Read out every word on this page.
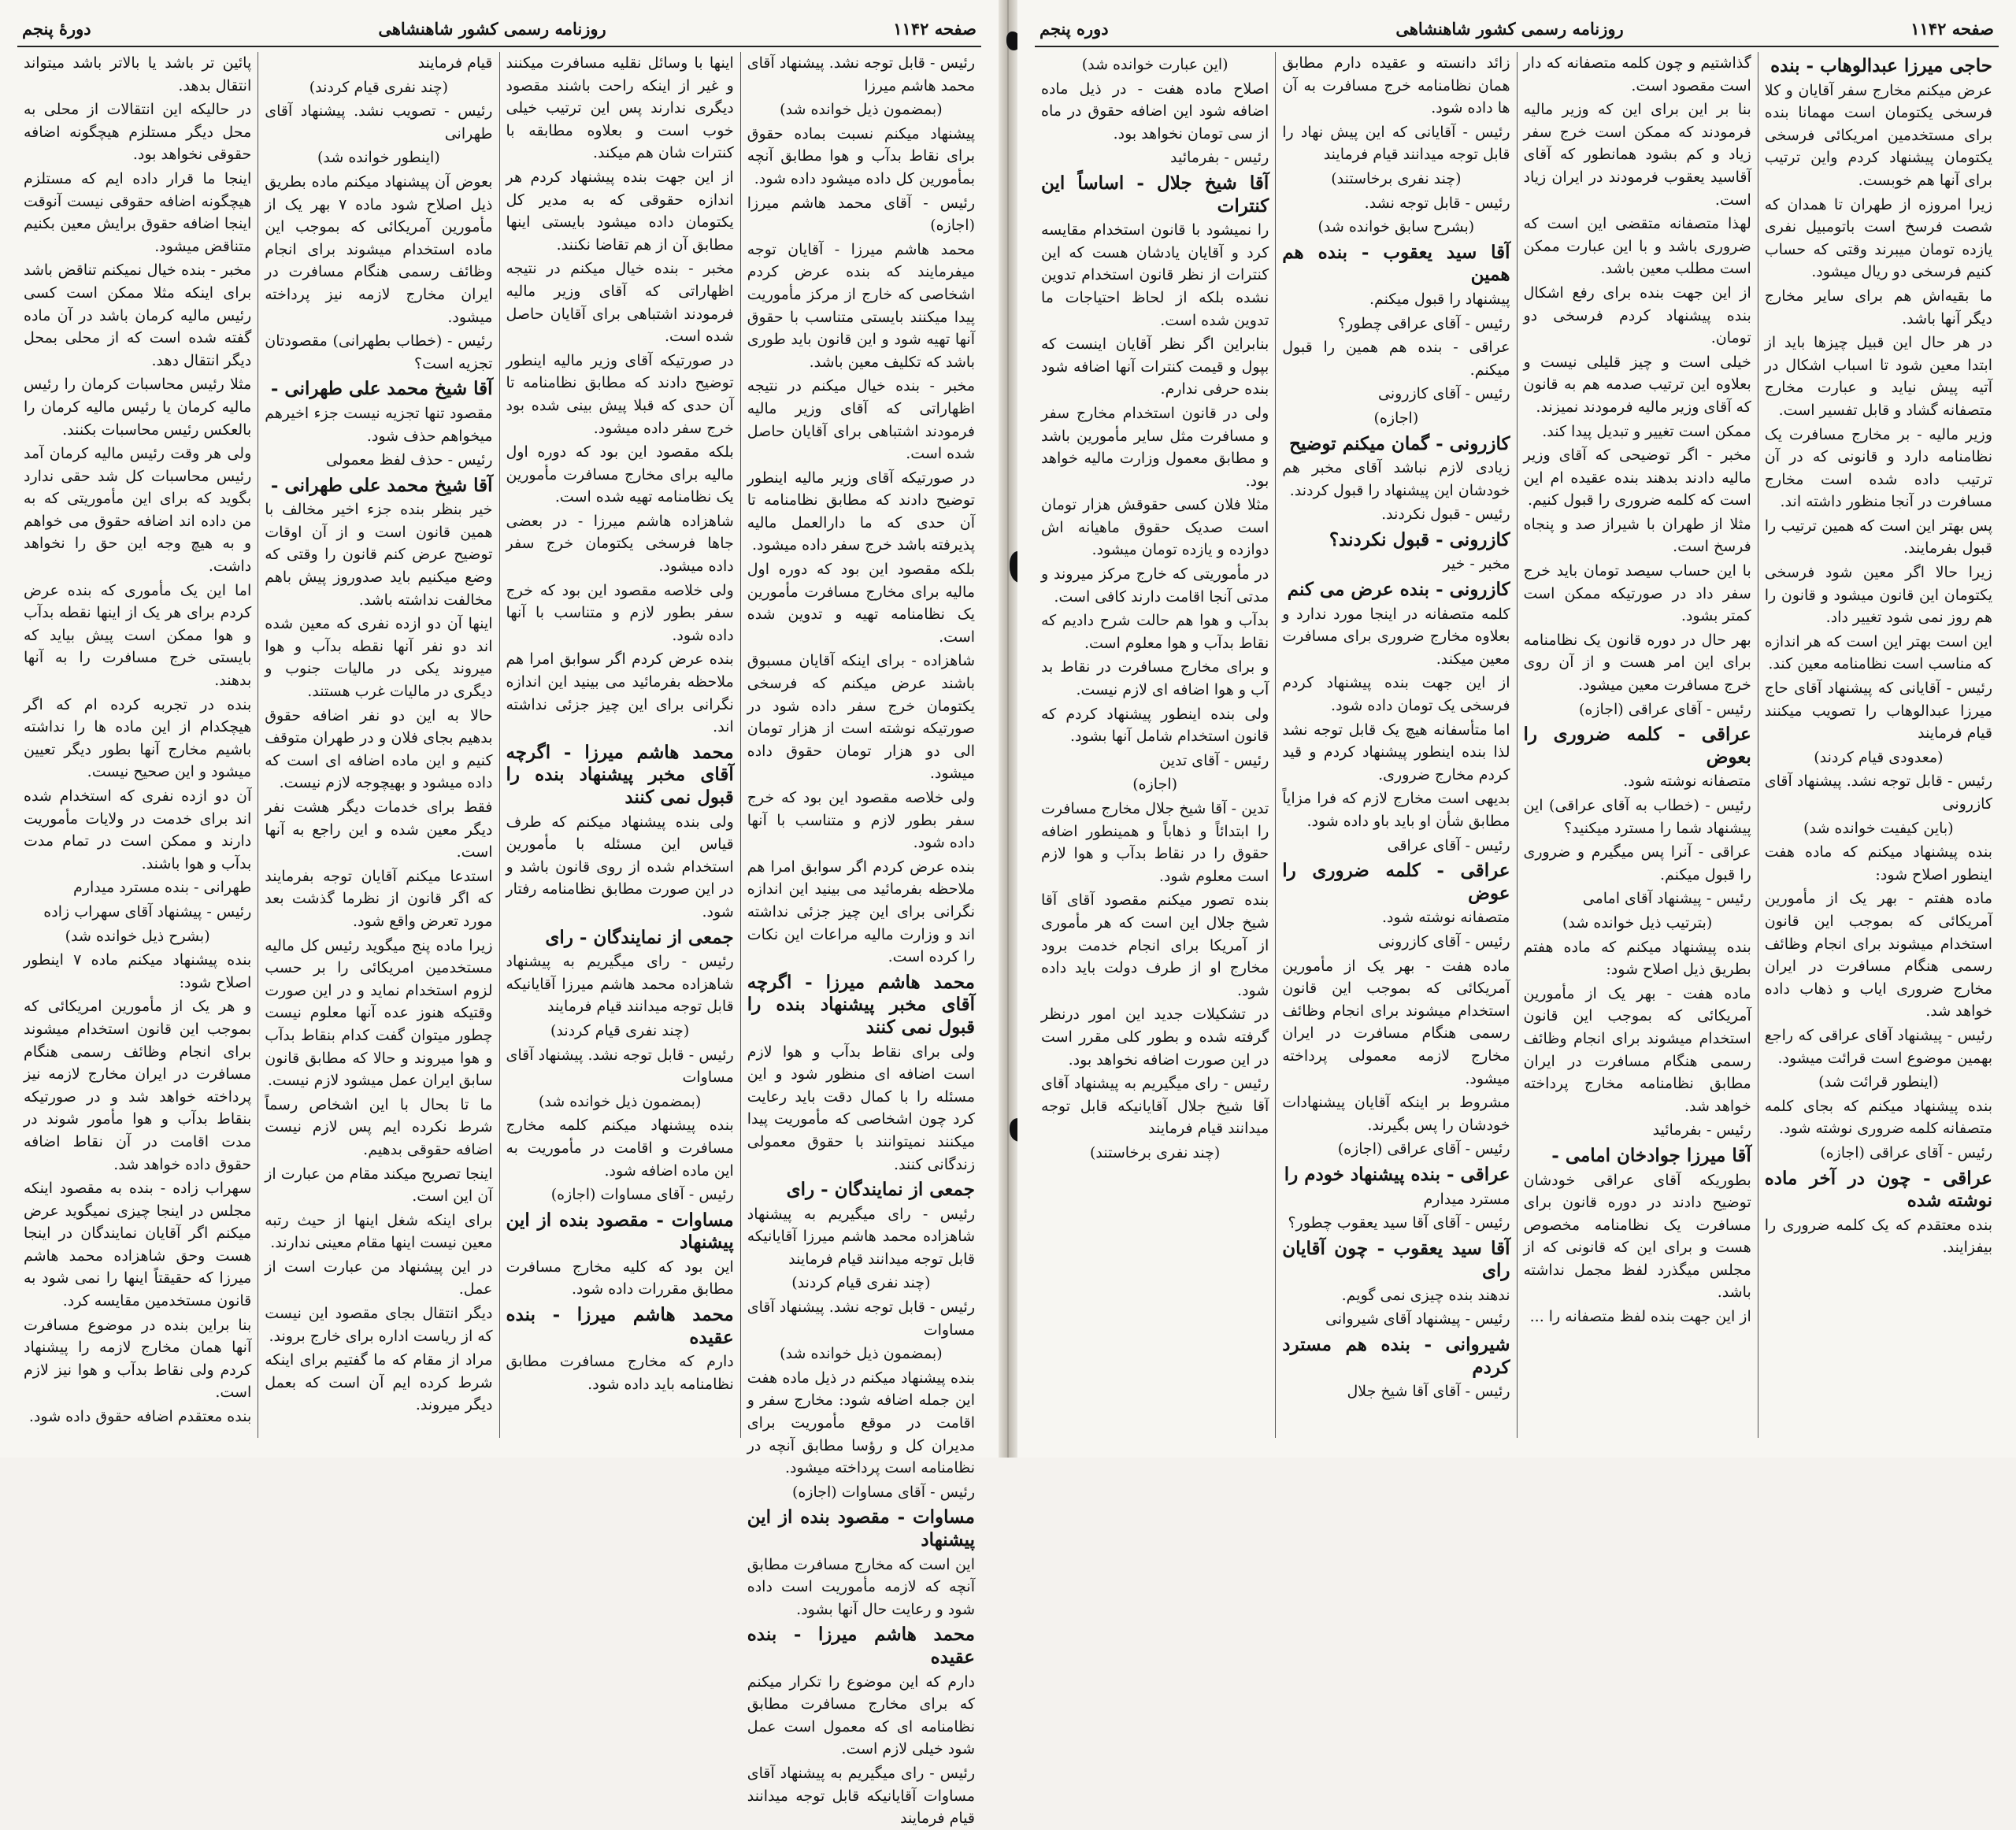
صفحه ۱۱۴۲
روزنامه رسمی کشور شاهنشاهی
دورهٔ پنجم

رئیس - قابل توجه نشد. پیشنهاد آقای محمد هاشم میرزا

(بمضمون ذیل خوانده شد)

پیشنهاد میکنم نسبت بماده حقوق برای نقاط بدآب و هوا مطابق آنچه بمأمورین کل داده میشود داده شود.

رئیس - آقای محمد هاشم میرزا (اجازه)

محمد هاشم میرزا - آقایان توجه میفرمایند که بنده عرض کردم اشخاصی که خارج از مرکز مأموریت پیدا میکنند بایستی متناسب با حقوق آنها تهیه شود و این قانون باید طوری باشد که تکلیف معین باشد.

مخبر - بنده خیال میکنم در نتیجه اظهاراتی که آقای وزیر مالیه فرمودند اشتباهی برای آقایان حاصل شده است.

در صورتیکه آقای وزیر مالیه اینطور توضیح دادند که مطابق نظامنامه تا آن حدی که ما دارالعمل مالیه پذیرفته باشد خرج سفر داده میشود.

بلکه مقصود این بود که دوره اول مالیه برای مخارج مسافرت مأمورین یک نظامنامه تهیه و تدوین شده است.

شاهزاده - برای اینکه آقایان مسبوق باشند عرض میکنم که فرسخی یکتومان خرج سفر داده شود در صورتیکه نوشته است از هزار تومان الی دو هزار تومان حقوق داده میشود.

ولی خلاصه مقصود این بود که خرج سفر بطور لازم و متناسب با آنها داده شود.

بنده عرض کردم اگر سوابق امرا هم ملاحظه بفرمائید می بینید این اندازه نگرانی برای این چیز جزئی نداشته اند و وزارت مالیه مراعات این نکات را کرده است.

محمد هاشم میرزا - اگرچه آقای مخبر پیشنهاد بنده را قبول نمی کنند

ولی برای نقاط بدآب و هوا لازم است اضافه ای منظور شود و این مسئله را با کمال دقت باید رعایت کرد چون اشخاصی که مأموریت پیدا میکنند نمیتوانند با حقوق معمولی زندگانی کنند.

جمعی از نمایندگان - رای

رئیس - رای میگیریم به پیشنهاد شاهزاده محمد هاشم میرزا آقایانیکه قابل توجه میدانند قیام فرمایند

(چند نفری قیام کردند)

رئیس - قابل توجه نشد. پیشنهاد آقای مساوات

(بمضمون ذیل خوانده شد)

بنده پیشنهاد میکنم در ذیل ماده هفت این جمله اضافه شود: مخارج سفر و اقامت در موقع مأموریت برای مدیران کل و رؤسا مطابق آنچه در نظامنامه است پرداخته میشود.

رئیس - آقای مساوات (اجازه)

مساوات - مقصود بنده از این پیشنهاد

این است که مخارج مسافرت مطابق آنچه که لازمه مأموریت است داده شود و رعایت حال آنها بشود.

محمد هاشم میرزا - بنده عقیده

دارم که این موضوع را تکرار میکنم که برای مخارج مسافرت مطابق نظامنامه ای که معمول است عمل شود خیلی لازم است.

رئیس - رای میگیریم به پیشنهاد آقای مساوات آقایانیکه قابل توجه میدانند قیام فرمایند

اینها با وسائل نقلیه مسافرت میکنند و غیر از اینکه راحت باشند مقصود دیگری ندارند پس این ترتیب خیلی خوب است و بعلاوه مطابقه با کنترات شان هم میکند.

از این جهت بنده پیشنهاد کردم هر اندازه حقوقی که به مدیر کل یکتومان داده میشود بایستی اینها مطابق آن از هم تقاضا نکنند.

مخبر - بنده خیال میکنم در نتیجه اظهاراتی که آقای وزیر مالیه فرمودند اشتباهی برای آقایان حاصل شده است.

در صورتیکه آقای وزیر مالیه اینطور توضیح دادند که مطابق نظامنامه تا آن حدی که قبلا پیش بینی شده بود خرج سفر داده میشود.

بلکه مقصود این بود که دوره اول مالیه برای مخارج مسافرت مأمورین یک نظامنامه تهیه شده است.

شاهزاده هاشم میرزا - در بعضی جاها فرسخی یکتومان خرج سفر داده میشود.

ولی خلاصه مقصود این بود که خرج سفر بطور لازم و متناسب با آنها داده شود.

بنده عرض کردم اگر سوابق امرا هم ملاحظه بفرمائید می بینید این اندازه نگرانی برای این چیز جزئی نداشته اند.

محمد هاشم میرزا - اگرچه آقای مخبر پیشنهاد بنده را قبول نمی کنند

ولی بنده پیشنهاد میکنم که طرف قیاس این مسئله با مأمورین استخدام شده از روی قانون باشد و در این صورت مطابق نظامنامه رفتار شود.

جمعی از نمایندگان - رای

رئیس - رای میگیریم به پیشنهاد شاهزاده محمد هاشم میرزا آقایانیکه قابل توجه میدانند قیام فرمایند

(چند نفری قیام کردند)

رئیس - قابل توجه نشد. پیشنهاد آقای مساوات

(بمضمون ذیل خوانده شد)

بنده پیشنهاد میکنم کلمه مخارج مسافرت و اقامت در مأموریت به این ماده اضافه شود.

رئیس - آقای مساوات (اجازه)

مساوات - مقصود بنده از این پیشنهاد

این بود که کلیه مخارج مسافرت مطابق مقررات داده شود.

محمد هاشم میرزا - بنده عقیده

دارم که مخارج مسافرت مطابق نظامنامه باید داده شود.

قیام فرمایند

(چند نفری قیام کردند)

رئیس - تصویب نشد. پیشنهاد آقای طهرانی

(اینطور خوانده شد)

بعوض آن پیشنهاد میکنم ماده بطریق ذیل اصلاح شود ماده ۷ بهر یک از مأمورین آمریکائی که بموجب این ماده استخدام میشوند برای انجام وظائف رسمی هنگام مسافرت در ایران مخارج لازمه نیز پرداخته میشود.

رئیس - (خطاب بطهرانی) مقصودتان تجزیه است؟

آقا شیخ محمد علی طهرانی -

مقصود تنها تجزیه نیست جزء اخیرهم میخواهم حذف شود.

رئیس - حذف لفظ معمولی

آقا شیخ محمد علی طهرانی -

خیر بنظر بنده جزء اخیر مخالف با همین قانون است و از آن اوقات توضیح عرض کنم قانون را وقتی که وضع میکنیم باید صدوروز پیش باهم مخالفت نداشته باشد.

اینها آن دو ازده نفری که معین شده اند دو نفر آنها نقطه بدآب و هوا میروند یکی در مالیات جنوب و دیگری در مالیات غرب هستند.

حالا به این دو نفر اضافه حقوق بدهیم بجای فلان و در طهران متوقف کنیم و این ماده اضافه ای است که داده میشود و بهیچوجه لازم نیست.

فقط برای خدمات دیگر هشت نفر دیگر معین شده و این راجع به آنها است.

استدعا میکنم آقایان توجه بفرمایند که اگر قانون از نظرما گذشت بعد مورد تعرض واقع شود.

زیرا ماده پنج میگوید رئیس کل مالیه مستخدمین امریکائی را بر حسب لزوم استخدام نماید و در این صورت وقتیکه هنوز عده آنها معلوم نیست چطور میتوان گفت کدام بنقاط بدآب و هوا میروند و حالا که مطابق قانون سابق ایران عمل میشود لازم نیست.

ما تا بحال با این اشخاص رسماً شرط نکرده ایم پس لازم نیست اضافه حقوقی بدهیم.

اینجا تصریح میکند مقام من عبارت از آن این است.

برای اینکه شغل اینها از حیث رتبه معین نیست اینها مقام معینی ندارند.

در این پیشنهاد من عبارت است از عمل.

دیگر انتقال بجای مقصود این نیست که از ریاست اداره برای خارج بروند.

مراد از مقام که ما گفتیم برای اینکه شرط کرده ایم آن است که بعمل دیگر میروند.

پائین تر باشد یا بالاتر باشد میتواند انتقال بدهد.

در حالیکه این انتقالات از محلی به محل دیگر مستلزم هیچگونه اضافه حقوقی نخواهد بود.

اینجا ما قرار داده ایم که مستلزم هیچگونه اضافه حقوقی نیست آنوقت اینجا اضافه حقوق برایش معین بکنیم متناقض میشود.

مخبر - بنده خیال نمیکنم تناقض باشد برای اینکه مثلا ممکن است کسی رئیس مالیه کرمان باشد در آن ماده گفته شده است که از محلی بمحل دیگر انتقال دهد.

مثلا رئیس محاسبات کرمان را رئیس مالیه کرمان یا رئیس مالیه کرمان را بالعکس رئیس محاسبات بکنند.

ولی هر وقت رئیس مالیه کرمان آمد رئیس محاسبات کل شد حقی ندارد بگوید که برای این مأموریتی که به من داده اند اضافه حقوق می خواهم و به هیچ وجه این حق را نخواهد داشت.

اما این یک مأموری که بنده عرض کردم برای هر یک از اینها نقطه بدآب و هوا ممکن است پیش بیاید که بایستی خرج مسافرت را به آنها بدهند.

بنده در تجربه کرده ام که اگر هیچکدام از این ماده ها را نداشته باشیم مخارج آنها بطور دیگر تعیین میشود و این صحیح نیست.

آن دو ازده نفری که استخدام شده اند برای خدمت در ولایات مأموریت دارند و ممکن است در تمام مدت بدآب و هوا باشند.

طهرانی - بنده مسترد میدارم

رئیس - پیشنهاد آقای سهراب زاده

(بشرح ذیل خوانده شد)

بنده پیشنهاد میکنم ماده ۷ اینطور اصلاح شود:

و هر یک از مأمورین امریکائی که بموجب این قانون استخدام میشوند برای انجام وظائف رسمی هنگام مسافرت در ایران مخارج لازمه نیز پرداخته خواهد شد و در صورتیکه بنقاط بدآب و هوا مأمور شوند در مدت اقامت در آن نقاط اضافه حقوق داده خواهد شد.

سهراب زاده - بنده به مقصود اینکه مجلس در اینجا چیزی نمیگوید عرض میکنم اگر آقایان نمایندگان در اینجا هست وحق شاهزاده محمد هاشم میرزا که حقیقتاً اینها را نمی شود به قانون مستخدمین مقایسه کرد.

بنا براین بنده در موضوع مسافرت آنها همان مخارج لازمه را پیشنهاد کردم ولی نقاط بدآب و هوا نیز لازم است.

بنده معتقدم اضافه حقوق داده شود.

صفحه ۱۱۴۲
روزنامه رسمی کشور شاهنشاهی
دوره پنجم
حاجی میرزا عبدالوهاب - بنده

عرض میکنم مخارج سفر آقایان و کلا فرسخی یکتومان است مهمانا بنده برای مستخدمین امریکائی فرسخی یکتومان پیشنهاد کردم واین ترتیب برای آنها هم خوبست.

زیرا امروزه از طهران تا همدان که شصت فرسخ است باتومبیل نفری یازده تومان میبرند وقتی که حساب کنیم فرسخی دو ریال میشود.

ما بقیه‌اش هم برای سایر مخارج دیگر آنها باشد.

در هر حال این قبیل چیزها باید از ابتدا معین شود تا اسباب اشکال در آتیه پیش نیاید و عبارت مخارج متصفانه گشاد و قابل تفسیر است.

وزیر مالیه - بر مخارج مسافرت یک نظامنامه دارد و قانونی که در آن ترتیب داده شده است مخارج مسافرت در آنجا منظور داشته اند.

پس بهتر این است که همین ترتیب را قبول بفرمایند.

زیرا حالا اگر معین شود فرسخی یکتومان این قانون میشود و قانون را هم روز نمی شود تغییر داد.

این است بهتر این است که هر اندازه که مناسب است نظامنامه معین کند.

رئیس - آقایانی که پیشنهاد آقای حاج میرزا عبدالوهاب را تصویب میکنند قیام فرمایند

(معدودی قیام کردند)

رئیس - قابل توجه نشد. پیشنهاد آقای کازرونی

(باین کیفیت خوانده شد)

بنده پیشنهاد میکنم که ماده هفت اینطور اصلاح شود:

ماده هفتم - بهر یک از مأمورین آمریکائی که بموجب این قانون استخدام میشوند برای انجام وظائف رسمی هنگام مسافرت در ایران مخارج ضروری ایاب و ذهاب داده خواهد شد.

رئیس - پیشنهاد آقای عراقی که راجع بهمین موضوع است قرائت میشود.

(اینطور قرائت شد)

بنده پیشنهاد میکنم که بجای کلمه متصفانه کلمه ضروری نوشته شود.

رئیس - آقای عراقی (اجازه)

عراقی - چون در آخر ماده نوشته شده

بنده معتقدم که یک کلمه ضروری را بیفزایند.

گذاشتیم و چون کلمه متصفانه که دار است مقصود است.

بنا بر این برای این که وزیر مالیه فرمودند که ممکن است خرج سفر زیاد و کم بشود همانطور که آقای آقاسید یعقوب فرمودند در ایران زیاد است.

لهذا متصفانه متقضی این است که ضروری باشد و با این عبارت ممکن است مطلب معین باشد.

از این جهت بنده برای رفع اشکال بنده پیشنهاد کردم فرسخی دو تومان.

خیلی است و چیز قلیلی نیست و بعلاوه این ترتیب صدمه هم به قانون که آقای وزیر مالیه فرمودند نمیزند.

ممکن است تغییر و تبدیل پیدا کند.

مخبر - اگر توضیحی که آقای وزیر مالیه دادند بدهند بنده عقیده ام این است که کلمه ضروری را قبول کنیم.

مثلا از طهران با شیراز صد و پنجاه فرسخ است.

با این حساب سیصد تومان باید خرج سفر داد در صورتیکه ممکن است کمتر بشود.

بهر حال در دوره قانون یک نظامنامه برای این امر هست و از آن روی خرج مسافرت معین میشود.

رئیس - آقای عراقی (اجازه)

عراقی - کلمه ضروری را بعوض

متصفانه نوشته شود.

رئیس - (خطاب به آقای عراقی) این پیشنهاد شما را مسترد میکنید؟

عراقی - آنرا پس میگیرم و ضروری را قبول میکنم.

رئیس - پیشنهاد آقای امامی

(بترتیب ذیل خوانده شد)

بنده پیشنهاد میکنم که ماده هفتم بطریق ذیل اصلاح شود:

ماده هفت - بهر یک از مأمورین آمریکائی که بموجب این قانون استخدام میشوند برای انجام وظائف رسمی هنگام مسافرت در ایران مطابق نظامنامه مخارج پرداخته خواهد شد.

رئیس - بفرمائید

آقا میرزا جوادخان امامی -

بطوریکه آقای عراقی خودشان توضیح دادند در دوره قانون برای مسافرت یک نظامنامه مخصوص هست و برای این که قانونی که از مجلس میگذرد لفظ مجمل نداشته باشد.

از این جهت بنده لفظ متصفانه را ...

زائد دانسته و عقیده دارم مطابق همان نظامنامه خرج مسافرت به آن ها داده شود.

رئیس - آقایانی که این پیش نهاد را قابل توجه میدانند قیام فرمایند

(چند نفری برخاستند)

رئیس - قابل توجه نشد.

(بشرح سابق خوانده شد)
آقا سید یعقوب - بنده هم همین

پیشنهاد را قبول میکنم.

رئیس - آقای عراقی چطور؟

عراقی - بنده هم همین را قبول میکنم.

رئیس - آقای کازرونی

(اجازه)
کازرونی - گمان میکنم توضیح

زیادی لازم نباشد آقای مخبر هم خودشان این پیشنهاد را قبول کردند.

رئیس - قبول نکردند.

کازرونی - قبول نکردند؟

مخبر - خیر

کازرونی - بنده عرض می کنم

کلمه متصفانه در اینجا مورد ندارد و بعلاوه مخارج ضروری برای مسافرت معین میکند.

از این جهت بنده پیشنهاد کردم فرسخی یک تومان داده شود.

اما متأسفانه هیچ یک قابل توجه نشد لذا بنده اینطور پیشنهاد کردم و قید کردم مخارج ضروری.

بدیهی است مخارج لازم که فرا مزایاً مطابق شأن او باید باو داده شود.

رئیس - آقای عراقی

عراقی - کلمه ضروری را عوض

متصفانه نوشته شود.

رئیس - آقای کازرونی

ماده هفت - بهر یک از مأمورین آمریکائی که بموجب این قانون استخدام میشوند برای انجام وظائف رسمی هنگام مسافرت در ایران مخارج لازمه معمولی پرداخته میشود.

مشروط بر اینکه آقایان پیشنهادات خودشان را پس بگیرند.

رئیس - آقای عراقی (اجازه)

عراقی - بنده پیشنهاد خودم را

مسترد میدارم

رئیس - آقای آقا سید یعقوب چطور؟

آقا سید یعقوب - چون آقایان رای

ندهند بنده چیزی نمی گویم.

رئیس - پیشنهاد آقای شیروانی

شیروانی - بنده هم مسترد کردم

رئیس - آقای آقا شیخ جلال

(این عبارت خوانده شد)

اصلاح ماده هفت - در ذیل ماده اضافه شود این اضافه حقوق در ماه از سی تومان نخواهد بود.

رئیس - بفرمائید

آقا شیخ جلال - اساساً این کنترات

را نمیشود با قانون استخدام مقایسه کرد و آقایان یادشان هست که این کنترات از نظر قانون استخدام تدوین نشده بلکه از لحاظ احتیاجات ما تدوین شده است.

بنابراین اگر نظر آقایان اینست که بپول و قیمت کنترات آنها اضافه شود بنده حرفی ندارم.

ولی در قانون استخدام مخارج سفر و مسافرت مثل سایر مأمورین باشد و مطابق معمول وزارت مالیه خواهد بود.

مثلا فلان کسی حقوقش هزار تومان است صدیک حقوق ماهیانه اش دوازده و یازده تومان میشود.

در مأموریتی که خارج مرکز میروند و مدتی آنجا اقامت دارند کافی است.

بدآب و هوا هم حالت شرح دادیم که نقاط بدآب و هوا معلوم است.

و برای مخارج مسافرت در نقاط بد آب و هوا اضافه ای لازم نیست.

ولی بنده اینطور پیشنهاد کردم که قانون استخدام شامل آنها بشود.

رئیس - آقای تدین

(اجازه)

تدین - آقا شیخ جلال مخارج مسافرت را ابتدائاً و ذهاباً و همینطور اضافه حقوق را در نقاط بدآب و هوا لازم است معلوم شود.

بنده تصور میکنم مقصود آقای آقا شیخ جلال این است که هر مأموری از آمریکا برای انجام خدمت برود مخارج او از طرف دولت باید داده شود.

در تشکیلات جدید این امور درنظر گرفته شده و بطور کلی مقرر است در این صورت اضافه نخواهد بود.

رئیس - رای میگیریم به پیشنهاد آقای آقا شیخ جلال آقایانیکه قابل توجه میدانند قیام فرمایند

(چند نفری برخاستند)
